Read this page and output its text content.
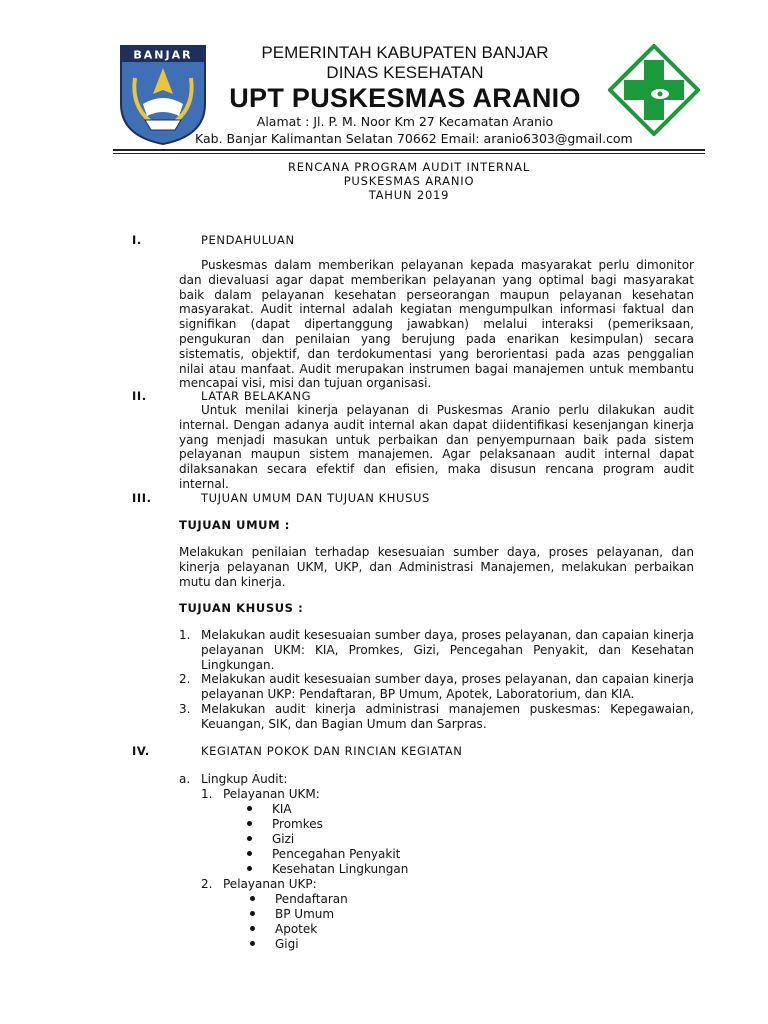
BANJAR	PEMERINTAH KABUPATEN BANJAR
DINAS KESEHATAN
UPT PUSKESMAS ARANIO
Alamat : Jl. P. M. Noor Km 27 Kecamatan Aranio
Kab. Banjar Kalimantan Selatan 70662 Email: aranio6303@gmail.com
RENCANA PROGRAM AUDIT INTERNAL
PUSKESMAS ARANIO
TAHUN 2019
I.	PENDAHULUAN
Puskesmas dalam memberikan pelayanan kepada masyarakat perlu dimonitor dan dievaluasi agar dapat memberikan pelayanan yang optimal bagi masyarakat baik dalam pelayanan kesehatan perseorangan maupun pelayanan kesehatan masyarakat. Audit internal adalah kegiatan mengumpulkan informasi faktual dan signifikan (dapat dipertanggung jawabkan) melalui interaksi (pemeriksaan, pengukuran dan penilaian yang berujung pada enarikan kesimpulan) secara sistematis, objektif, dan terdokumentasi yang berorientasi pada azas penggalian nilai atau manfaat. Audit merupakan instrumen bagai manajemen untuk membantu mencapai visi, misi dan tujuan organisasi.
II.	LATAR BELAKANG
Untuk menilai kinerja pelayanan di Puskesmas Aranio perlu dilakukan audit internal. Dengan adanya audit internal akan dapat diidentifikasi kesenjangan kinerja yang menjadi masukan untuk perbaikan dan penyempurnaan baik pada sistem pelayanan maupun sistem manajemen. Agar pelaksanaan audit internal dapat dilaksanakan secara efektif dan efisien, maka disusun rencana program audit internal.
III.	TUJUAN UMUM DAN TUJUAN KHUSUS
TUJUAN UMUM :
Melakukan penilaian terhadap kesesuaian sumber daya, proses pelayanan, dan kinerja pelayanan UKM, UKP, dan Administrasi Manajemen, melakukan perbaikan mutu dan kinerja.
TUJUAN KHUSUS :
1. Melakukan audit kesesuaian sumber daya, proses pelayanan, dan capaian kinerja pelayanan UKM: KIA, Promkes, Gizi, Pencegahan Penyakit, dan Kesehatan Lingkungan.
2. Melakukan audit kesesuaian sumber daya, proses pelayanan, dan capaian kinerja pelayanan UKP: Pendaftaran, BP Umum, Apotek, Laboratorium, dan KIA.
3. Melakukan audit kinerja administrasi manajemen puskesmas: Kepegawaian, Keuangan, SIK, dan Bagian Umum dan Sarpras.
IV.	KEGIATAN POKOK DAN RINCIAN KEGIATAN
a. Lingkup Audit:
1. Pelayanan UKM:
KIA
Promkes
Gizi
Pencegahan Penyakit
Kesehatan Lingkungan
2. Pelayanan UKP:
Pendaftaran
BP Umum
Apotek
Gigi
